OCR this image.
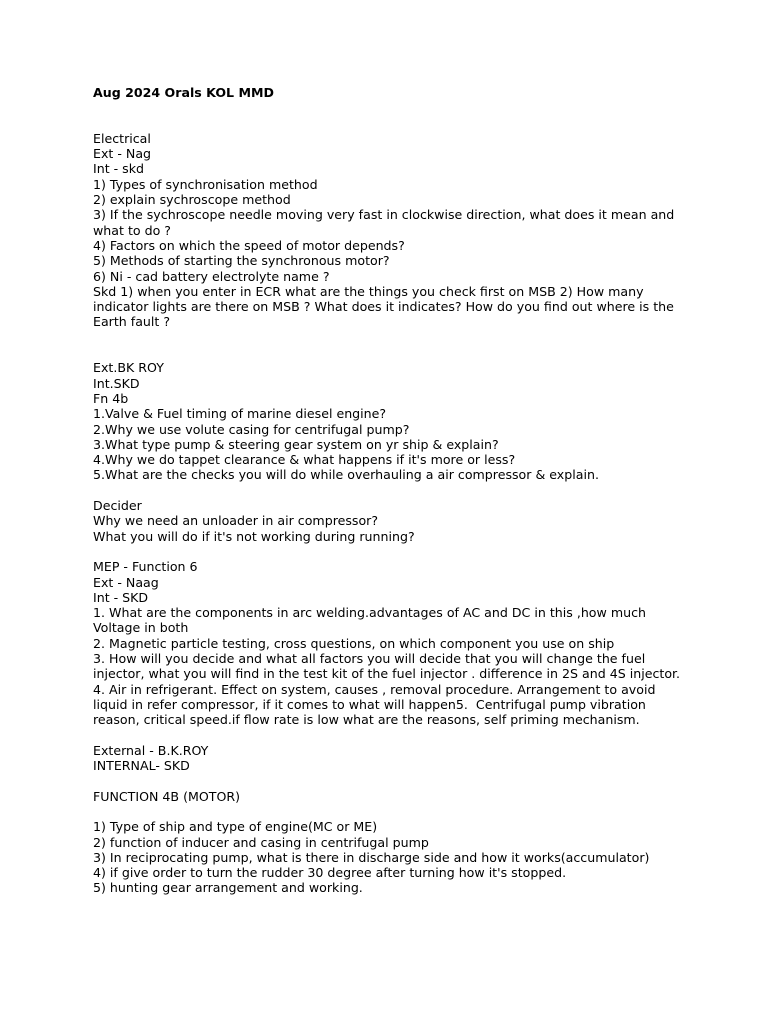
Aug 2024 Orals KOL MMD

Electrical

Ext - Nag

Int - skd

1) Types of synchronisation method

2) explain sychroscope method

3) If the sychroscope needle moving very fast in clockwise direction, what does it mean and what to do ?

4) Factors on which the speed of motor depends?

5) Methods of starting the synchronous motor?

6) Ni - cad battery electrolyte name ?

Skd 1) when you enter in ECR what are the things you check first on MSB 2) How many indicator lights are there on MSB ? What does it indicates? How do you find out where is the Earth fault ?

Ext.BK ROY

Int.SKD

Fn 4b

1.Valve & Fuel timing of marine diesel engine?

2.Why we use volute casing for centrifugal pump?

3.What type pump & steering gear system on yr ship & explain?

4.Why we do tappet clearance & what happens if it's more or less?

5.What are the checks you will do while overhauling a air compressor & explain.

Decider

Why we need an unloader in air compressor?

What you will do if it's not working during running?

MEP - Function 6

Ext - Naag

Int - SKD

1. What are the components in arc welding.advantages of AC and DC in this ,how much Voltage in both

2. Magnetic particle testing, cross questions, on which component you use on ship

3. How will you decide and what all factors you will decide that you will change the fuel injector, what you will find in the test kit of the fuel injector . difference in 2S and 4S injector.

4. Air in refrigerant. Effect on system, causes , removal procedure. Arrangement to avoid liquid in refer compressor, if it comes to what will happen5.  Centrifugal pump vibration reason, critical speed.if flow rate is low what are the reasons, self priming mechanism.

External - B.K.ROY

INTERNAL- SKD

FUNCTION 4B (MOTOR)

1) Type of ship and type of engine(MC or ME)

2) function of inducer and casing in centrifugal pump

3) In reciprocating pump, what is there in discharge side and how it works(accumulator)

4) if give order to turn the rudder 30 degree after turning how it's stopped.

5) hunting gear arrangement and working.
